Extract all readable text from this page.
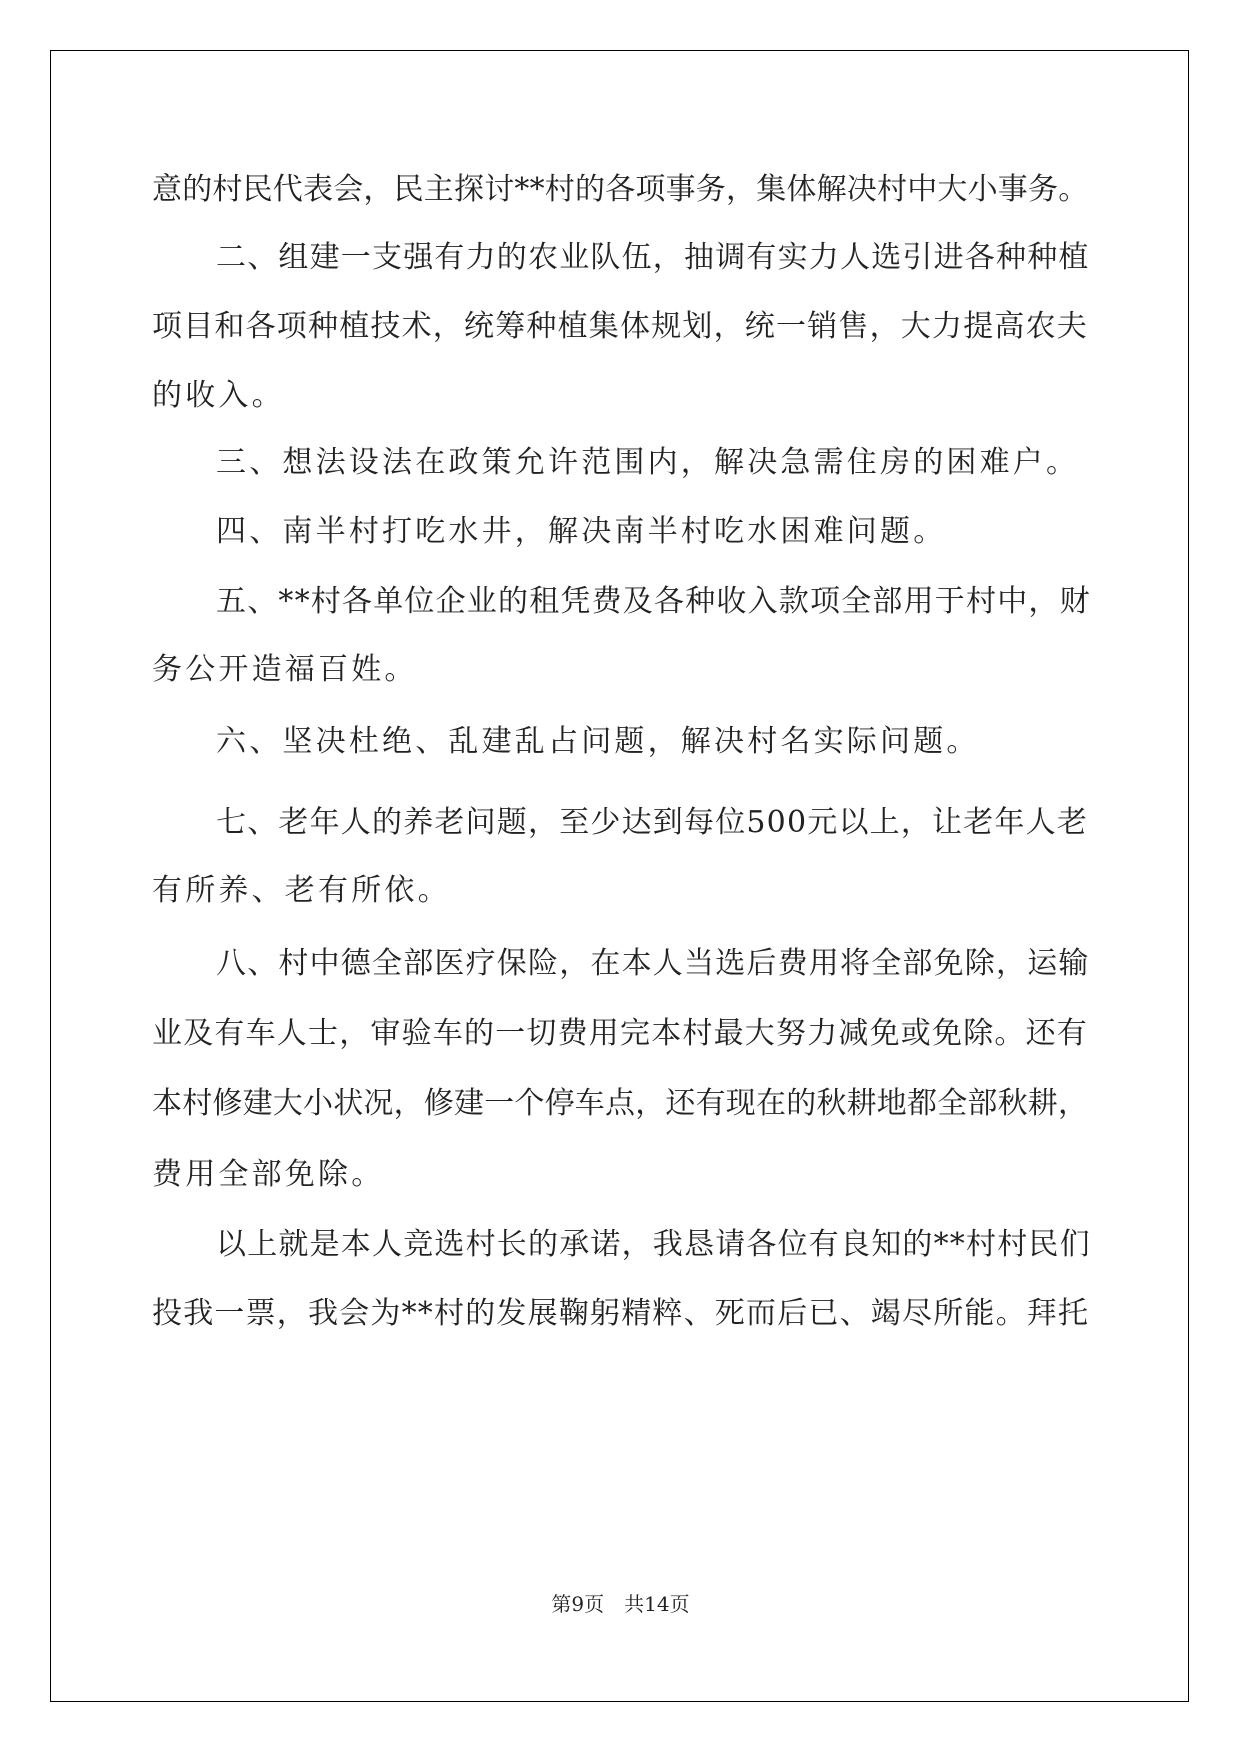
意的村民代表会，民主探讨**村的各项事务，集体解决村中大小事务。

二、组建一支强有力的农业队伍，抽调有实力人选引进各种种植

项目和各项种植技术，统筹种植集体规划，统一销售，大力提高农夫

的收入。

三、想法设法在政策允许范围内，解决急需住房的困难户。

四、南半村打吃水井，解决南半村吃水困难问题。

五、**村各单位企业的租凭费及各种收入款项全部用于村中，财

务公开造福百姓。

六、坚决杜绝、乱建乱占问题，解决村名实际问题。

七、老年人的养老问题，至少达到每位500元以上，让老年人老

有所养、老有所依。

八、村中德全部医疗保险，在本人当选后费用将全部免除，运输

业及有车人士，审验车的一切费用完本村最大努力减免或免除。还有

本村修建大小状况，修建一个停车点，还有现在的秋耕地都全部秋耕，

费用全部免除。

以上就是本人竞选村长的承诺，我恳请各位有良知的**村村民们

投我一票，我会为**村的发展鞠躬精粹、死而后已、竭尽所能。拜托

第9页　共14页
